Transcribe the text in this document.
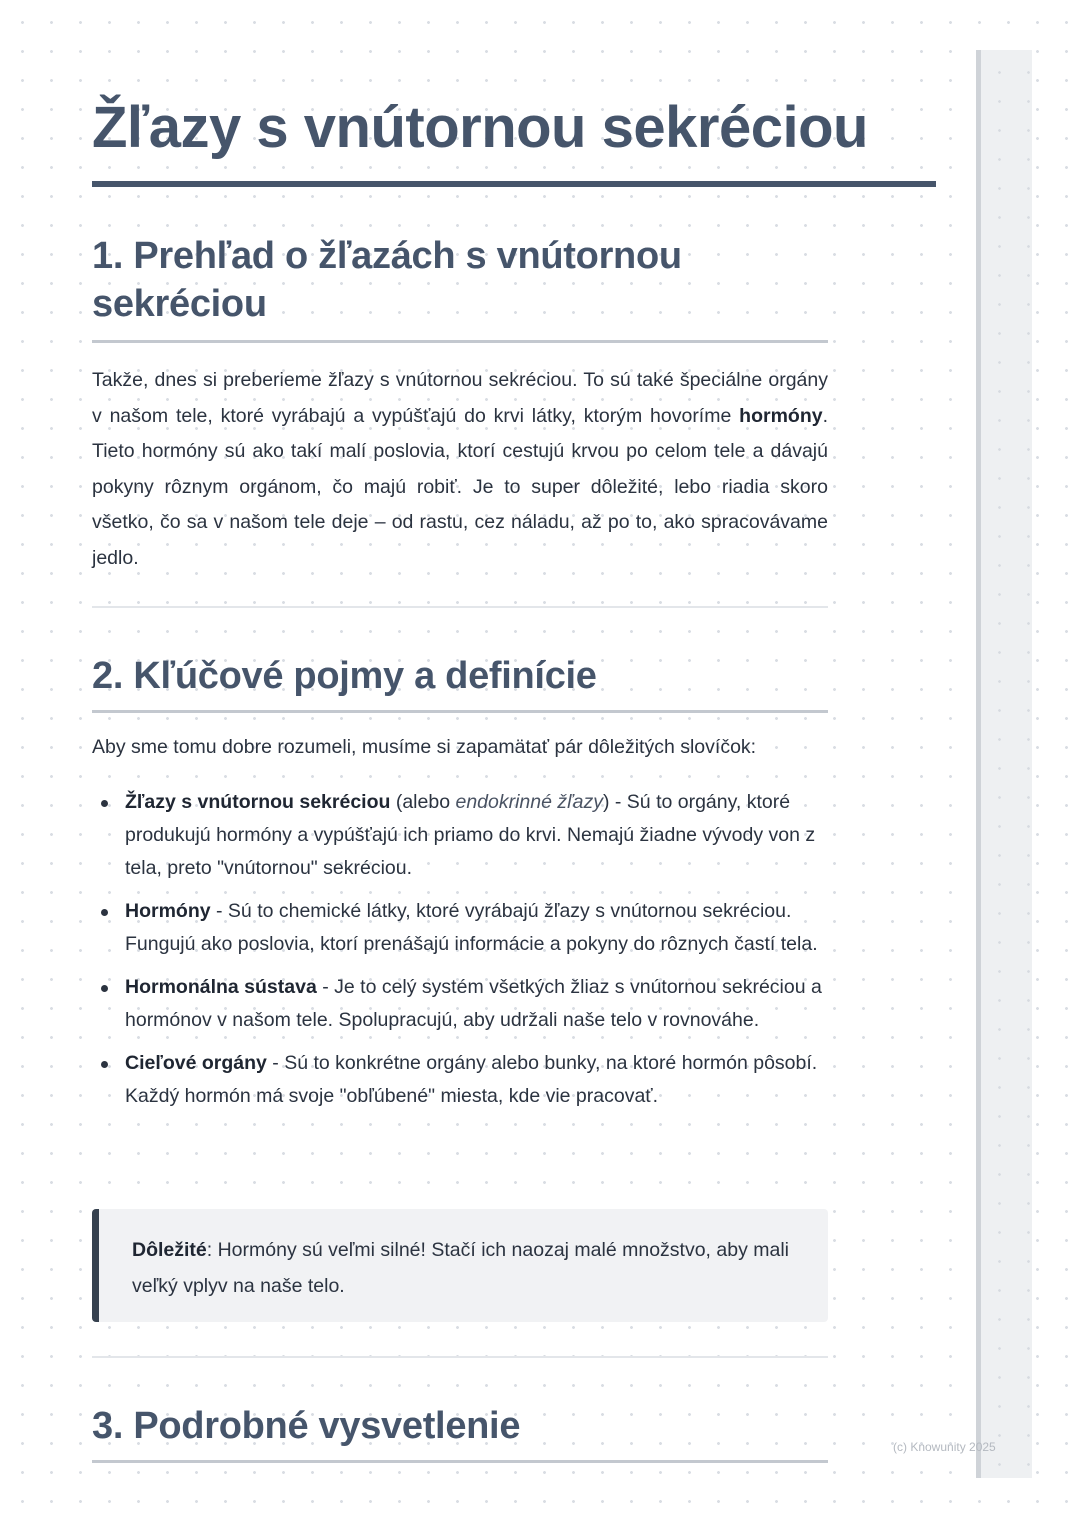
Žľazy s vnútornou sekréciou
1. Prehľad o žľazách s vnútornou sekréciou

Takže, dnes si preberieme žľazy s vnútornou sekréciou. To sú také špeciálne orgány v našom tele, ktoré vyrábajú a vypúšťajú do krvi látky, ktorým hovoríme hormóny. Tieto hormóny sú ako takí malí poslovia, ktorí cestujú krvou po celom tele a dávajú pokyny rôznym orgánom, čo majú robiť. Je to super dôležité, lebo riadia skoro všetko, čo sa v našom tele deje – od rastu, cez náladu, až po to, ako spracovávame jedlo.

2. Kľúčové pojmy a definície

Aby sme tomu dobre rozumeli, musíme si zapamätať pár dôležitých slovíčok:

Žľazy s vnútornou sekréciou (alebo endokrinné žľazy) - Sú to orgány, ktoré produkujú hormóny a vypúšťajú ich priamo do krvi. Nemajú žiadne vývody von z tela, preto "vnútornou" sekréciou.
Hormóny - Sú to chemické látky, ktoré vyrábajú žľazy s vnútornou sekréciou. Fungujú ako poslovia, ktorí prenášajú informácie a pokyny do rôznych častí tela.
Hormonálna sústava - Je to celý systém všetkých žliaz s vnútornou sekréciou a hormónov v našom tele. Spolupracujú, aby udržali naše telo v rovnováhe.
Cieľové orgány - Sú to konkrétne orgány alebo bunky, na ktoré hormón pôsobí. Každý hormón má svoje "obľúbené" miesta, kde vie pracovať.
Dôležité: Hormóny sú veľmi silné! Stačí ich naozaj malé množstvo, aby mali veľký vplyv na naše telo.
3. Podrobné vysvetlenie	(c) Knowunity 2025
